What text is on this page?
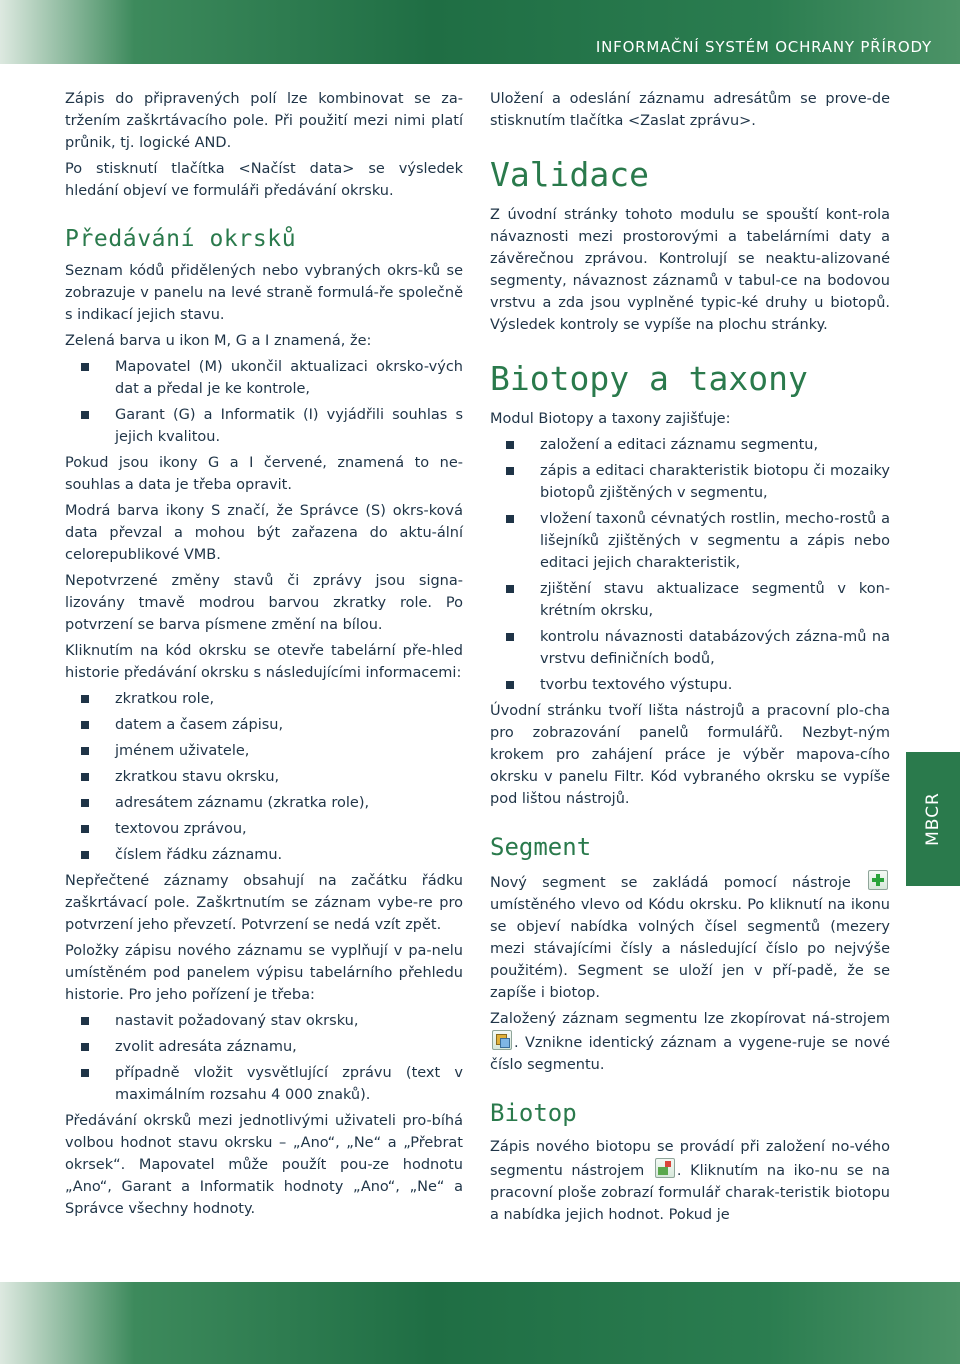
INFORMAČNÍ SYSTÉM OCHRANY PŘÍRODY
MBCR

Zápis do připravených polí lze kombinovat se za-tržením zaškrtávacího pole. Při použití mezi nimi platí průnik, tj. logické AND.

Po stisknutí tlačítka <Načíst data> se výsledek hledání objeví ve formuláři předávání okrsku.

Předávání okrsků

Seznam kódů přidělených nebo vybraných okrs-ků se zobrazuje v panelu na levé straně formulá-ře společně s indikací jejich stavu.

Zelená barva u ikon M, G a I znamená, že:

Mapovatel (M) ukončil aktualizaci okrsko-vých dat a předal je ke kontrole,
Garant (G) a Informatik (I) vyjádřili souhlas s jejich kvalitou.

Pokud jsou ikony G a I červené, znamená to ne-souhlas a data je třeba opravit.

Modrá barva ikony S značí, že Správce (S) okrs-ková data převzal a mohou být zařazena do aktu-ální celorepublikové VMB.

Nepotvrzené změny stavů či zprávy jsou signa-lizovány tmavě modrou barvou zkratky role. Po potvrzení se barva písmene změní na bílou.

Kliknutím na kód okrsku se otevře tabelární pře-hled historie předávání okrsku s následujícími informacemi:

zkratkou role,
datem a časem zápisu,
jménem uživatele,
zkratkou stavu okrsku,
adresátem záznamu (zkratka role),
textovou zprávou,
číslem řádku záznamu.

Nepřečtené záznamy obsahují na začátku řádku zaškrtávací pole. Zaškrtnutím se záznam vybe-re pro potvrzení jeho převzetí. Potvrzení se nedá vzít zpět.

Položky zápisu nového záznamu se vyplňují v pa-nelu umístěném pod panelem výpisu tabelárního přehledu historie. Pro jeho pořízení je třeba:

nastavit požadovaný stav okrsku,
zvolit adresáta záznamu,
případně vložit vysvětlující zprávu (text v maximálním rozsahu 4 000 znaků).

Předávání okrsků mezi jednotlivými uživateli pro-bíhá volbou hodnot stavu okrsku – „Ano“, „Ne“ a „Přebrat okrsek“. Mapovatel může použít pou-ze hodnotu „Ano“, Garant a Informatik hodnoty „Ano“, „Ne“ a Správce všechny hodnoty.

Uložení a odeslání záznamu adresátům se prove-de stisknutím tlačítka <Zaslat zprávu>.

Validace

Z úvodní stránky tohoto modulu se spouští kont-rola návaznosti mezi prostorovými a tabelárními daty a závěrečnou zprávou. Kontrolují se neaktu-alizované segmenty, návaznost záznamů v tabul-ce na bodovou vrstvu a zda jsou vyplněné typic-ké druhy u biotopů. Výsledek kontroly se vypíše na plochu stránky.

Biotopy a taxony

Modul Biotopy a taxony zajišťuje:

založení a editaci záznamu segmentu,
zápis a editaci charakteristik biotopu či mozaiky biotopů zjištěných v segmentu,
vložení taxonů cévnatých rostlin, mecho-rostů a lišejníků zjištěných v segmentu a zápis nebo editaci jejich charakteristik,
zjištění stavu aktualizace segmentů v kon-krétním okrsku,
kontrolu návaznosti databázových zázna-mů na vrstvu definičních bodů,
tvorbu textového výstupu.

Úvodní stránku tvoří lišta nástrojů a pracovní plo-cha pro zobrazování panelů formulářů. Nezbyt-ným krokem pro zahájení práce je výběr mapova-cího okrsku v panelu Filtr. Kód vybraného okrsku se vypíše pod lištou nástrojů.

Segment

Nový segment se zakládá pomocí nástroje  umístěného vlevo od Kódu okrsku. Po kliknutí na ikonu se objeví nabídka volných čísel segmentů (mezery mezi stávajícími čísly a následující číslo po nejvýše použitém). Segment se uloží jen v pří-padě, že se zapíše i biotop.

Založený záznam segmentu lze zkopírovat ná-strojem . Vznikne identický záznam a vygene-ruje se nové číslo segmentu.

Biotop

Zápis nového biotopu se provádí při založení no-vého segmentu nástrojem . Kliknutím na iko-nu se na pracovní ploše zobrazí formulář charak-teristik biotopu a nabídka jejich hodnot. Pokud je
